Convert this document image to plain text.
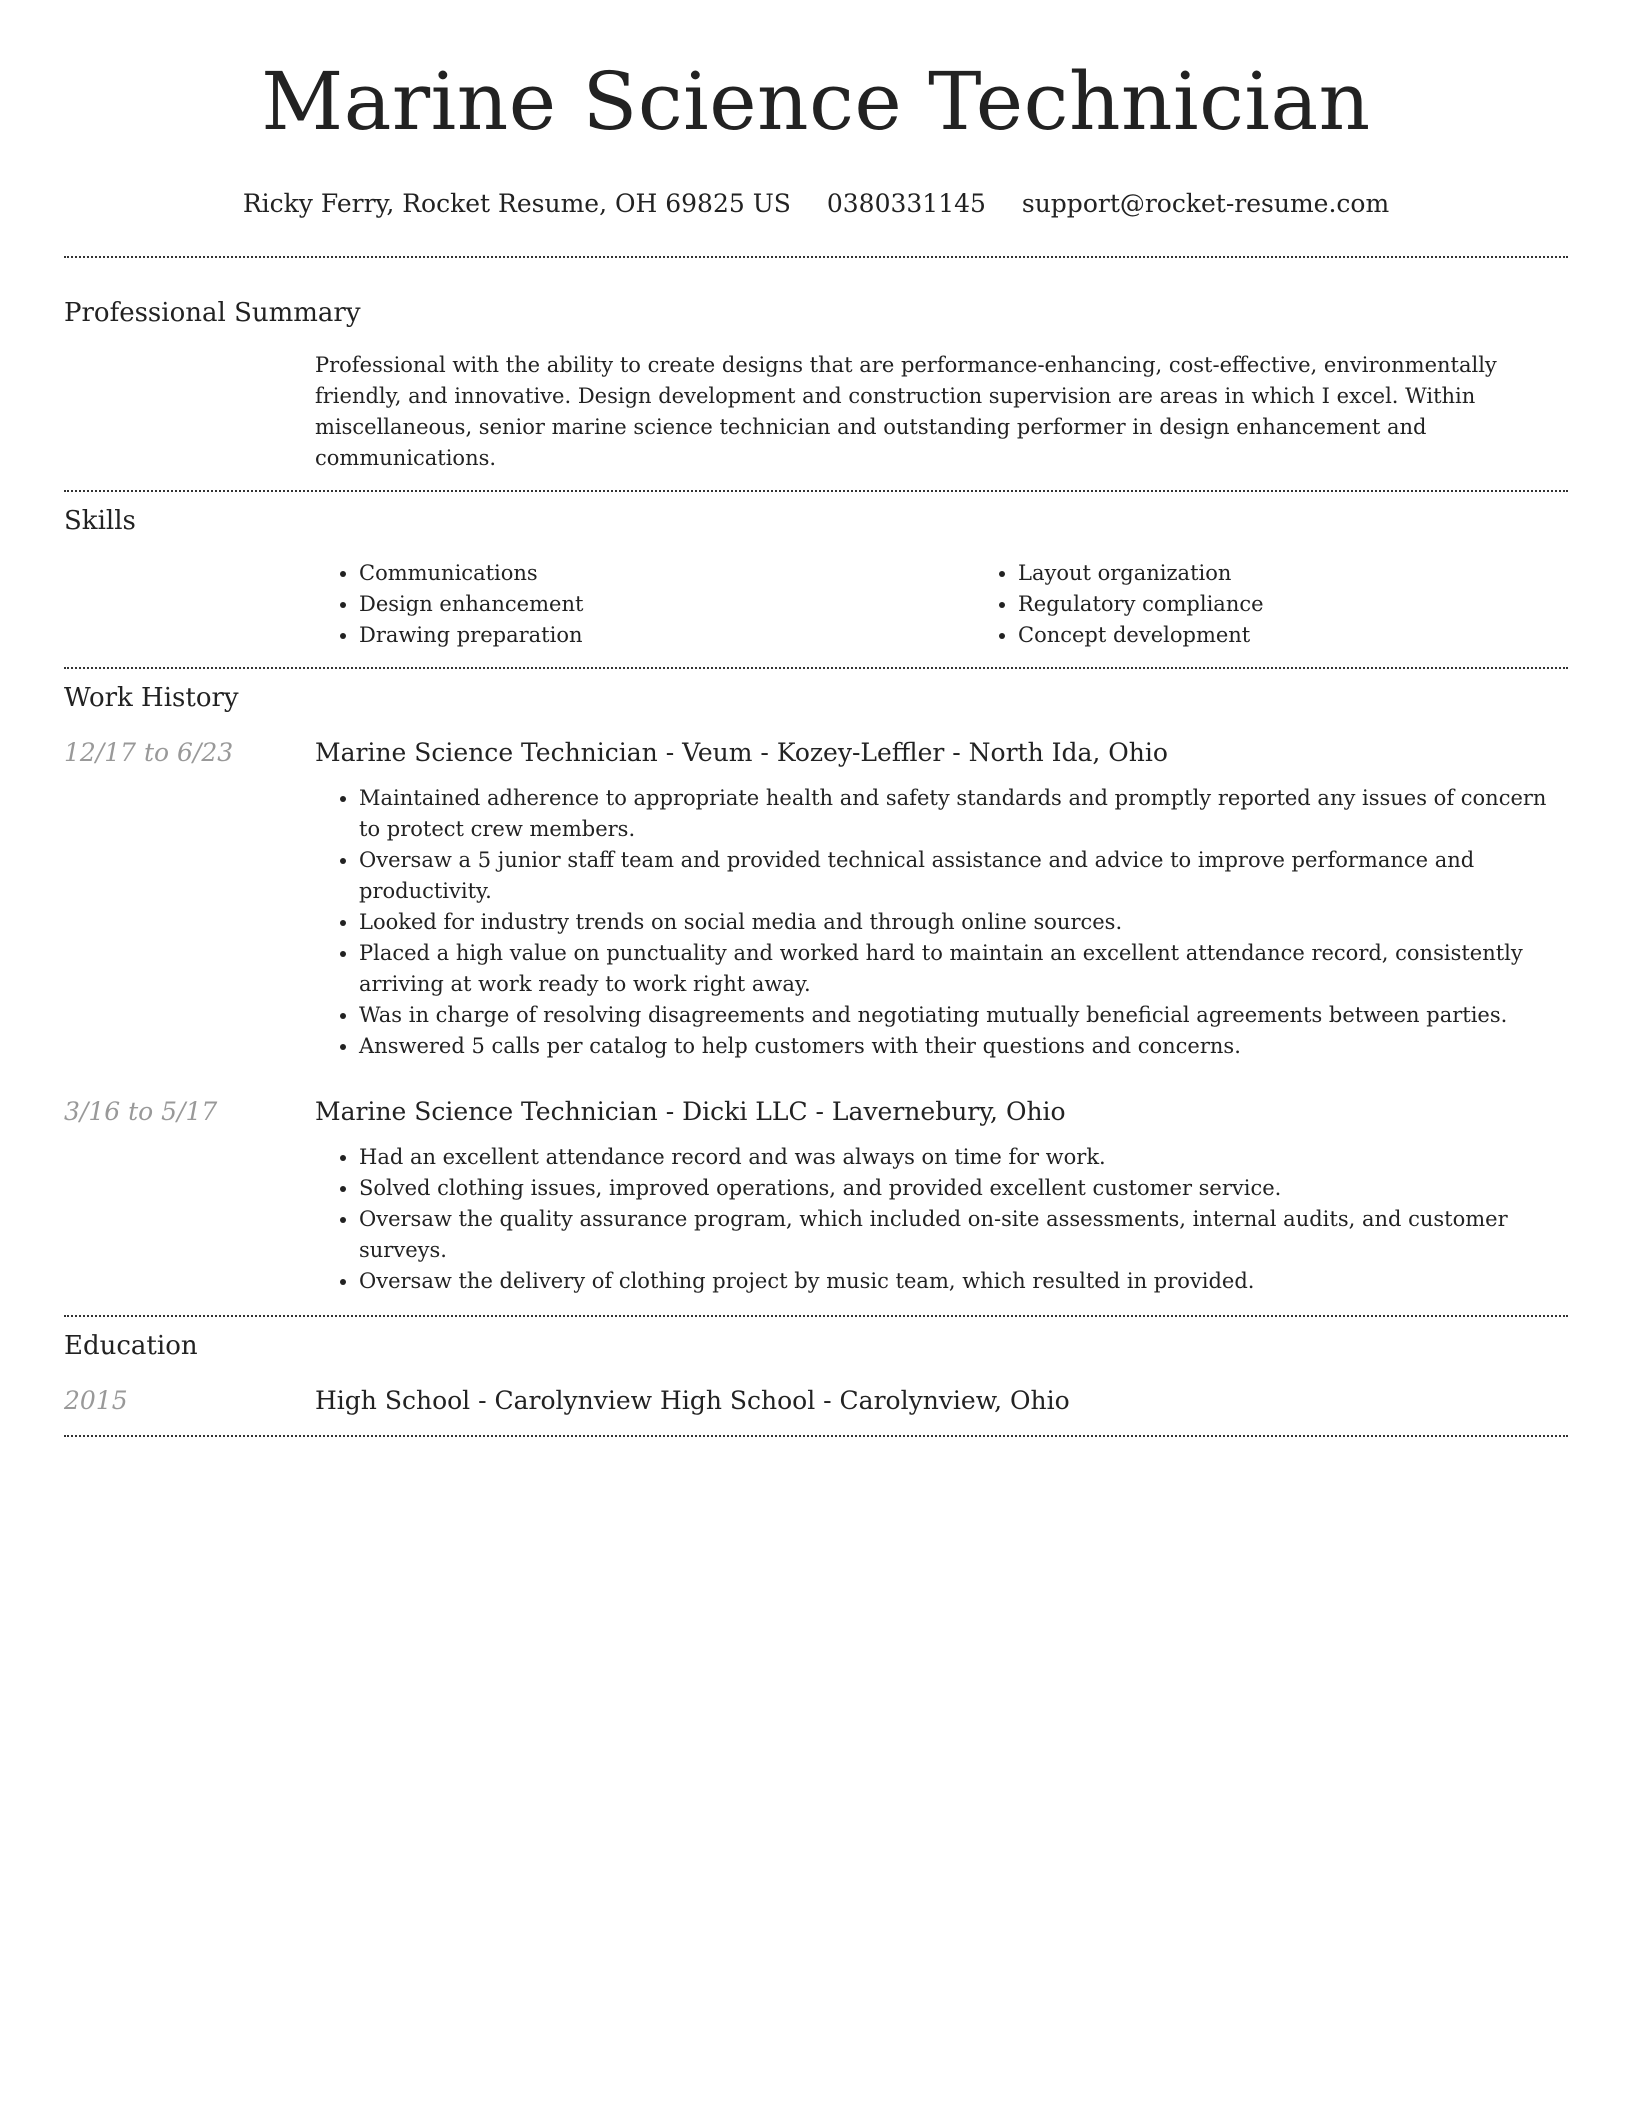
Marine Science Technician
Ricky Ferry, Rocket Resume, OH 69825 US 0380331145 support@rocket-resume.com
Professional Summary

Professional with the ability to create designs that are performance-enhancing, cost-effective, environmentally friendly, and innovative. Design development and construction supervision are areas in which I excel. Within miscellaneous, senior marine science technician and outstanding performer in design enhancement and communications.

Skills
• Communications
• Design enhancement
• Drawing preparation
• Layout organization
• Regulatory compliance
• Concept development
Work History
12/17 to 6/23	Marine Science Technician - Veum - Kozey-Leffler - North Ida, Ohio

• Maintained adherence to appropriate health and safety standards and promptly reported any issues of concern to protect crew members.
• Oversaw a 5 junior staff team and provided technical assistance and advice to improve performance and productivity.
• Looked for industry trends on social media and through online sources.
• Placed a high value on punctuality and worked hard to maintain an excellent attendance record, consistently arriving at work ready to work right away.
• Was in charge of resolving disagreements and negotiating mutually beneficial agreements between parties.
• Answered 5 calls per catalog to help customers with their questions and concerns.
3/16 to 5/17	Marine Science Technician - Dicki LLC - Lavernebury, Ohio

• Had an excellent attendance record and was always on time for work.
• Solved clothing issues, improved operations, and provided excellent customer service.
• Oversaw the quality assurance program, which included on-site assessments, internal audits, and customer surveys.
• Oversaw the delivery of clothing project by music team, which resulted in provided.
Education
2015	High School - Carolynview High School - Carolynview, Ohio
